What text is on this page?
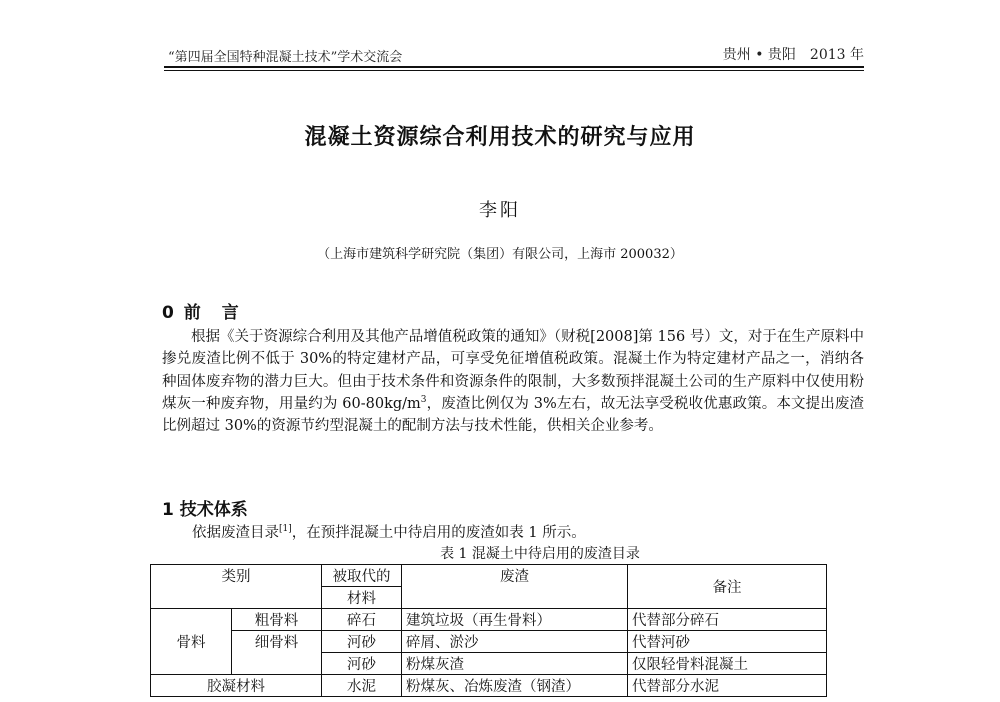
“第四届全国特种混凝土技术”学术交流会	贵州 • 贵阳　2013 年
混凝土资源综合利用技术的研究与应用
李阳
（上海市建筑科学研究院（集团）有限公司，上海市 200032）
0 前　言
根据《关于资源综合利用及其他产品增值税政策的通知》（财税[2008]第 156 号）文，对于在生产原料中掺兑废渣比例不低于 30%的特定建材产品，可享受免征增值税政策。混凝土作为特定建材产品之一，消纳各种固体废弃物的潜力巨大。但由于技术条件和资源条件的限制，大多数预拌混凝土公司的生产原料中仅使用粉煤灰一种废弃物，用量约为 $60-80kg/m^3$，废渣比例仅为 3%左右，故无法享受税收优惠政策。本文提出废渣比例超过 30%的资源节约型混凝土的配制方法与技术性能，供相关企业参考。
1 技术体系
依据废渣目录[1]，在预拌混凝土中待启用的废渣如表 1 所示。
表 1 混凝土中待启用的废渣目录
类别		被取代的	废渣	备注
		材料		
骨料	粗骨料	碎石	建筑垃圾（再生骨料）	代替部分碎石
	细骨料	河砂	碎屑、淤沙	代替河砂
		河砂	粉煤灰渣	仅限轻骨料混凝土
胶凝材料		水泥	粉煤灰、冶炼废渣（钢渣）	代替部分水泥
